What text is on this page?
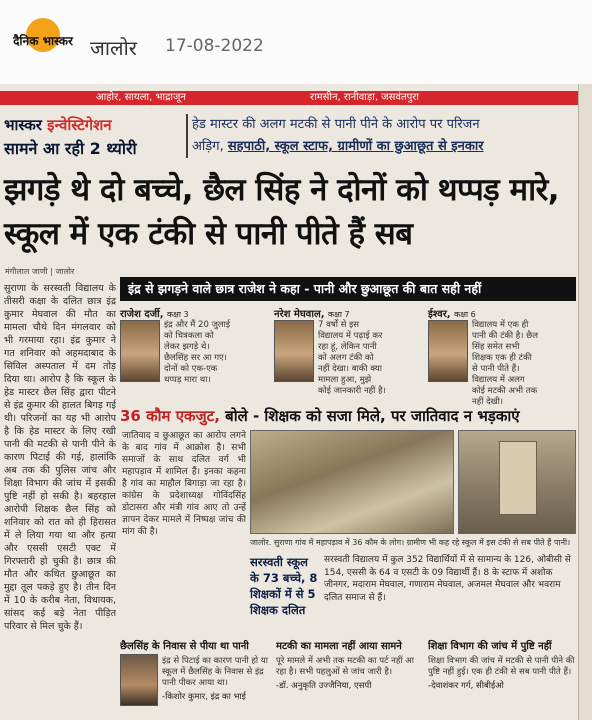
दैनिक भास्कर जालोर 17-08-2022
आहोर, सायला, भाद्राजून	रामसीन, रानीवाड़ा, जसवंतपुरा
भास्कर इन्वेस्टिगेशन
सामने आ रही 2 थ्योरी
हेड मास्टर की अलग मटकी से पानी पीने के आरोप पर परिजन
अड़िग, सहपाठी, स्कूल स्टाफ, ग्रामीणों का छुआछूत से इनकार
झगड़े थे दो बच्चे, छैल सिंह ने दोनों को थप्पड़ मारे, स्कूल में एक टंकी से पानी पीते हैं सब
मंगीलाल जाणी | जालोर
सुराणा के सरस्वती विद्यालय के तीसरी कक्षा के दलित छात्र इंद्र कुमार मेघवाल की मौत का मामला चौथे दिन मंगलवार को भी गरमाया रहा। इंद्र कुमार ने गत शनिवार को अहमदाबाद के सिविल अस्पताल में दम तोड़ दिया था। आरोप है कि स्कूल के हेड मास्टर छैल सिंह द्वारा पीटने से इंद्र कुमार की हालत बिगड़ गई थी। परिजनों का यह भी आरोप है कि हेड मास्टर के लिए रखी पानी की मटकी से पानी पीने के कारण पिटाई की गई, हालांकि अब तक की पुलिस जांच और शिक्षा विभाग की जांच में इसकी पुष्टि नहीं हो सकी है। बहरहाल आरोपी शिक्षक छैल सिंह को शनिवार को रात को ही हिरासत में ले लिया गया था और हत्या और एससी एसटी एक्ट में गिरफ्तारी हो चुकी है। छात्र की मौत और कथित छुआछूत का मुद्दा तूल पकड़े हुए है। तीन दिन में 10 के करीब नेता, विधायक, सांसद कई बड़े नेता पीड़ित परिवार से मिल चुके हैं।
इंद्र से झगड़ने वाले छात्र राजेश ने कहा - पानी और छुआछूत की बात सही नहीं
राजेश दर्जी, कक्षा 3
इंद्र और मैं 20 जुलाई को चित्रकला को लेकर झगड़े थे। छैलसिंह सर आ गए। दोनों को एक-एक थप्पड़ मारा था।
नरेश मेघवाल, कक्षा 7
7 वर्षों से इस विद्यालय में पढ़ाई कर रहा हूं, लेकिन पानी को अलग टंकी को नहीं देखा। बाकी क्या मामला हुआ, मुझे कोई जानकारी नहीं है।
ईश्वर, कक्षा 6
विद्यालय में एक ही पानी की टंकी है। छैल सिंह समेत सभी शिक्षक एक ही टंकी से पानी पीते हैं। विद्यालय में अलग कोई मटकी अभी तक नहीं देखी।
36 कौम एकजुट, बोले - शिक्षक को सजा मिले, पर जातिवाद न भड़काएं
जातिवाद व छुआछूत का आरोप लगने के बाद गांव में आक्रोश है। सभी समाजों के साथ दलित वर्ग भी महापड़ाव में शामिल हैं। इनका कहना है गांव का माहौल बिगाड़ा जा रहा है। कांग्रेस के प्रदेशाध्यक्ष गोविंदसिंह डोटासरा और मंत्री गांव आए तो उन्हें ज्ञापन देकर मामले में निष्पक्ष जांच की मांग की है।
जालोर. सुराणा गांव में महापड़ाव में 36 कौम के लोग। ग्रामीण भी कह रहे स्कूल में इस टंकी से सब पीते हैं पानी।
सरस्वती स्कूल के 73 बच्चे, 8 शिक्षकों में से 5 शिक्षक दलित
सरस्वती विद्यालय में कुल 352 विद्यार्थियों में से सामान्य के 126, ओबीसी से 154, एससी के 64 व एसटी के 09 विद्यार्थी हैं। 8 के स्टाफ में अशोक जीनगर, मदाराम मेघवाल, गणाराम मेघवाल, अजमल मेघवाल और भवराम दलित समाज से हैं।
छैलसिंह के निवास से पीया था पानी
इंद्र से पिटाई का कारण पानी हो या स्कूल में छैलसिंह के निवास से इंद्र पानी पीकर आया था।
-किशोर कुमार, इंद्र का भाई
मटकी का मामला नहीं आया सामने
पूरे मामले में अभी तक मटकी का पर्ट नहीं आ रहा है। सभी पहलुओं से जांच जारी है।
-डॉ. अनुकृति उज्जैनिया, एसपी
शिक्षा विभाग की जांच में पुष्टि नहीं
शिक्षा विभाग की जांच में मटकी से पानी पीने की पुष्टि नहीं हुई। एक ही टंकी से सब पानी पीते हैं।
-देवाशंकर गर्ग, सीबीईओ
